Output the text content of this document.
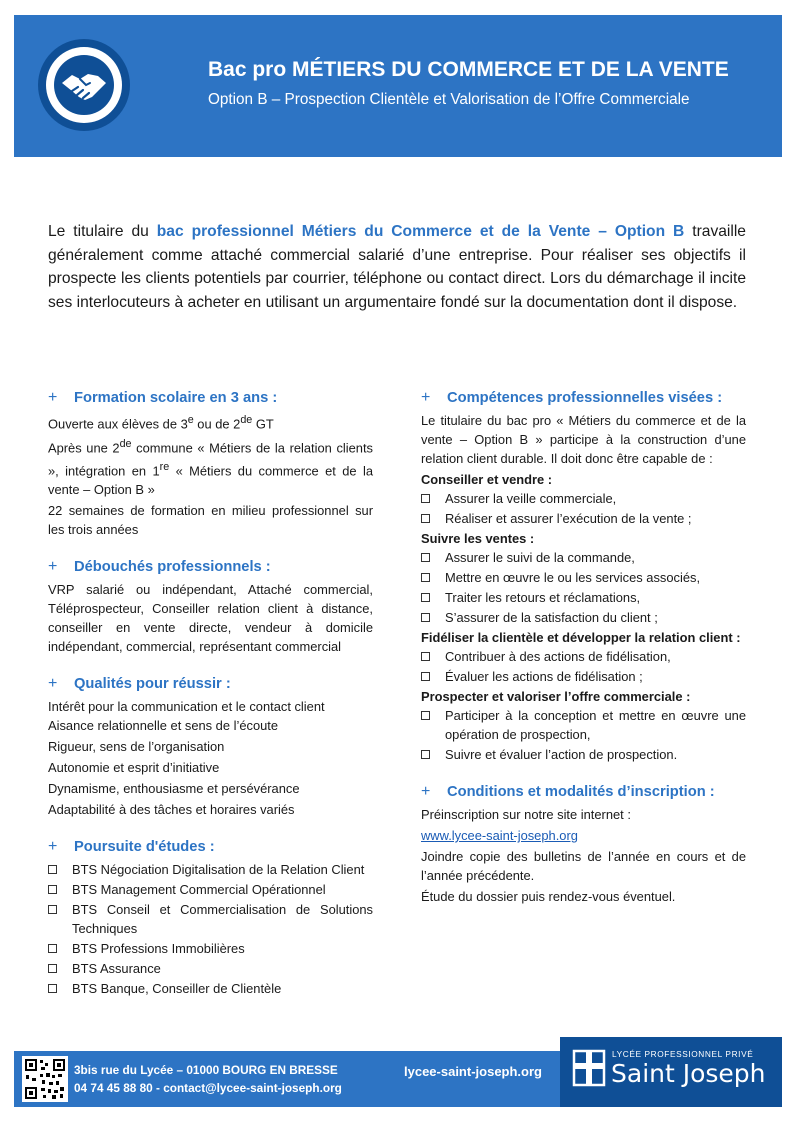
Bac pro MÉTIERS DU COMMERCE ET DE LA VENTE
Option B – Prospection Clientèle et Valorisation de l’Offre Commerciale
Le titulaire du bac professionnel Métiers du Commerce et de la Vente – Option B travaille généralement comme attaché commercial salarié d’une entreprise. Pour réaliser ses objectifs il prospecte les clients potentiels par courrier, téléphone ou contact direct. Lors du démarchage il incite ses interlocuteurs à acheter en utilisant un argumentaire fondé sur la documentation dont il dispose.
+ Formation scolaire en 3 ans :
Ouverte aux élèves de 3e ou de 2de GT
Après une 2de commune « Métiers de la relation clients », intégration en 1re « Métiers du commerce et de la vente – Option B »
22 semaines de formation en milieu professionnel sur les trois années
+ Débouchés professionnels :
VRP salarié ou indépendant, Attaché commercial, Téléprospecteur, Conseiller relation client à distance, conseiller en vente directe, vendeur à domicile indépendant, commercial, représentant commercial
+ Qualités pour réussir :
Intérêt pour la communication et le contact client
Aisance relationnelle et sens de l’écoute
Rigueur, sens de l’organisation
Autonomie et esprit d’initiative
Dynamisme, enthousiasme et persévérance
Adaptabilité à des tâches et horaires variés
+ Poursuite d'études :
BTS Négociation Digitalisation de la Relation Client
BTS Management Commercial Opérationnel
BTS Conseil et Commercialisation de Solutions Techniques
BTS Professions Immobilières
BTS Assurance
BTS Banque, Conseiller de Clientèle
+ Compétences professionnelles visées :
Le titulaire du bac pro « Métiers du commerce et de la vente – Option B » participe à la construction d’une relation client durable. Il doit donc être capable de :
Conseiller et vendre :
Assurer la veille commerciale,
Réaliser et assurer l’exécution de la vente ;
Suivre les ventes :
Assurer le suivi de la commande,
Mettre en œuvre le ou les services associés,
Traiter les retours et réclamations,
S’assurer de la satisfaction du client ;
Fidéliser la clientèle et développer la relation client :
Contribuer à des actions de fidélisation,
Évaluer les actions de fidélisation ;
Prospecter et valoriser l’offre commerciale :
Participer à la conception et mettre en œuvre une opération de prospection,
Suivre et évaluer l’action de prospection.
+ Conditions et modalités d’inscription :
Préinscription sur notre site internet :
www.lycee-saint-joseph.org
Joindre copie des bulletins de l’année en cours et de l’année précédente.
Étude du dossier puis rendez-vous éventuel.
3bis rue du Lycée – 01000 BOURG EN BRESSE
04 74 45 88 80 - contact@lycee-saint-joseph.org
lycee-saint-joseph.org
LYCÉE PROFESSIONNEL PRIVÉ
Saint Joseph
